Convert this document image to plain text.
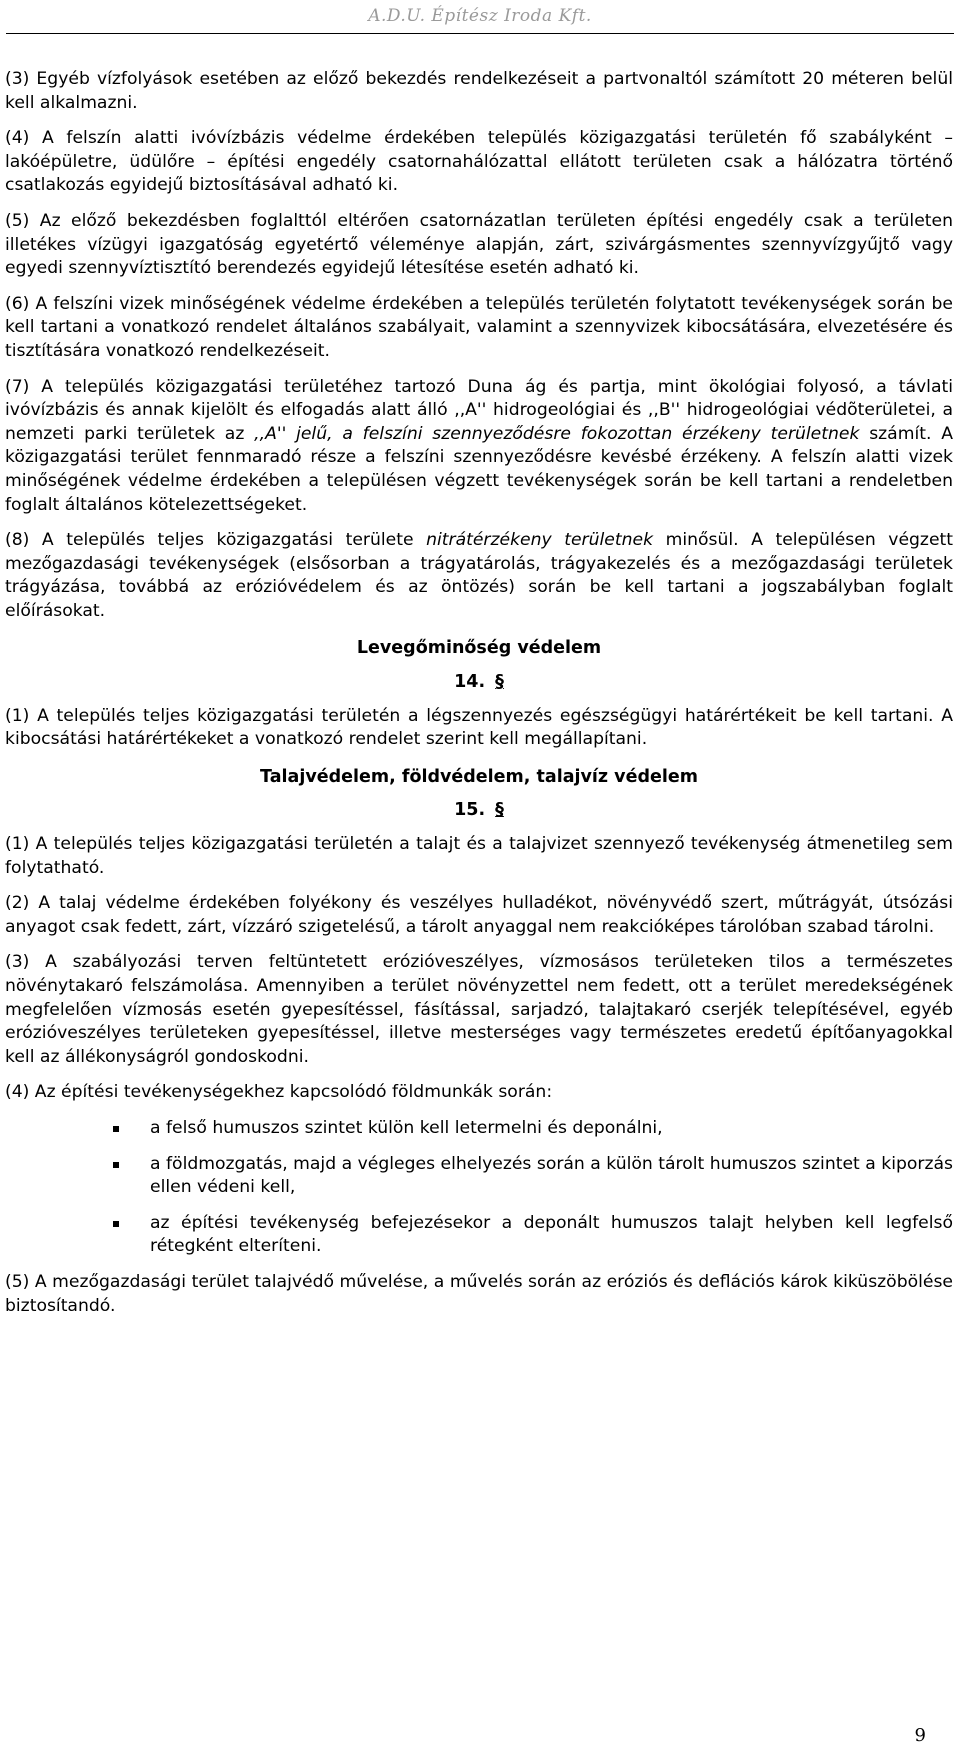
A.D.U. Építész Iroda Kft.

(3) Egyéb vízfolyások esetében az előző bekezdés rendelkezéseit a partvonaltól számított 20 méteren belül kell alkalmazni.

(4) A felszín alatti ivóvízbázis védelme érdekében település közigazgatási területén fő szabályként – lakóépületre, üdülőre – építési engedély csatornahálózattal ellátott területen csak a hálózatra történő csatlakozás egyidejű biztosításával adható ki.

(5) Az előző bekezdésben foglalttól eltérően csatornázatlan területen építési engedély csak a területen illetékes vízügyi igazgatóság egyetértő véleménye alapján, zárt, szivárgásmentes szennyvízgyűjtő vagy egyedi szennyvíztisztító berendezés egyidejű létesítése esetén adható ki.

(6) A felszíni vizek minőségének védelme érdekében a település területén folytatott tevékenységek során be kell tartani a vonatkozó rendelet általános szabályait, valamint a szennyvizek kibocsátására, elvezetésére és tisztítására vonatkozó rendelkezéseit.

(7) A település közigazgatási területéhez tartozó Duna ág és partja, mint ökológiai folyosó, a távlati ivóvízbázis és annak kijelölt és elfogadás alatt álló ,,A'' hidrogeológiai és ,,B'' hidrogeológiai védõterületei, a nemzeti parki területek az ,,A'' jelű, a felszíni szennyeződésre fokozottan érzékeny területnek számít. A közigazgatási terület fennmaradó része a felszíni szennyeződésre kevésbé érzékeny. A felszín alatti vizek minőségének védelme érdekében a településen végzett tevékenységek során be kell tartani a rendeletben foglalt általános kötelezettségeket.

(8) A település teljes közigazgatási területe nitrátérzékeny területnek minősül. A településen végzett mezőgazdasági tevékenységek (elsősorban a trágyatárolás, trágyakezelés és a mezőgazdasági területek trágyázása, továbbá az erózióvédelem és az öntözés) során be kell tartani a jogszabályban foglalt előírásokat.

Levegőminőség védelem
14. §

(1) A település teljes közigazgatási területén a légszennyezés egészségügyi határértékeit be kell tartani. A kibocsátási határértékeket a vonatkozó rendelet szerint kell megállapítani.

Talajvédelem, földvédelem, talajvíz védelem
15. §

(1) A település teljes közigazgatási területén a talajt és a talajvizet szennyező tevékenység átmenetileg sem folytatható.

(2) A talaj védelme érdekében folyékony és veszélyes hulladékot, növényvédő szert, műtrágyát, útsózási anyagot csak fedett, zárt, vízzáró szigetelésű, a tárolt anyaggal nem reakcióképes tárolóban szabad tárolni.

(3) A szabályozási terven feltüntetett erózióveszélyes, vízmosásos területeken tilos a természetes növénytakaró felszámolása. Amennyiben a terület növényzettel nem fedett, ott a terület meredekségének megfelelően vízmosás esetén gyepesítéssel, fásítással, sarjadzó, talajtakaró cserjék telepítésével, egyéb erózióveszélyes területeken gyepesítéssel, illetve mesterséges vagy természetes eredetű építőanyagokkal kell az állékonyságról gondoskodni.

(4) Az építési tevékenységekhez kapcsolódó földmunkák során:

a felső humuszos szintet külön kell letermelni és deponálni,
a földmozgatás, majd a végleges elhelyezés során a külön tárolt humuszos szintet a kiporzás ellen védeni kell,
az építési tevékenység befejezésekor a deponált humuszos talajt helyben kell legfelső rétegként elteríteni.

(5) A mezőgazdasági terület talajvédő művelése, a művelés során az eróziós és deflációs károk kiküszöbölése biztosítandó.

9
